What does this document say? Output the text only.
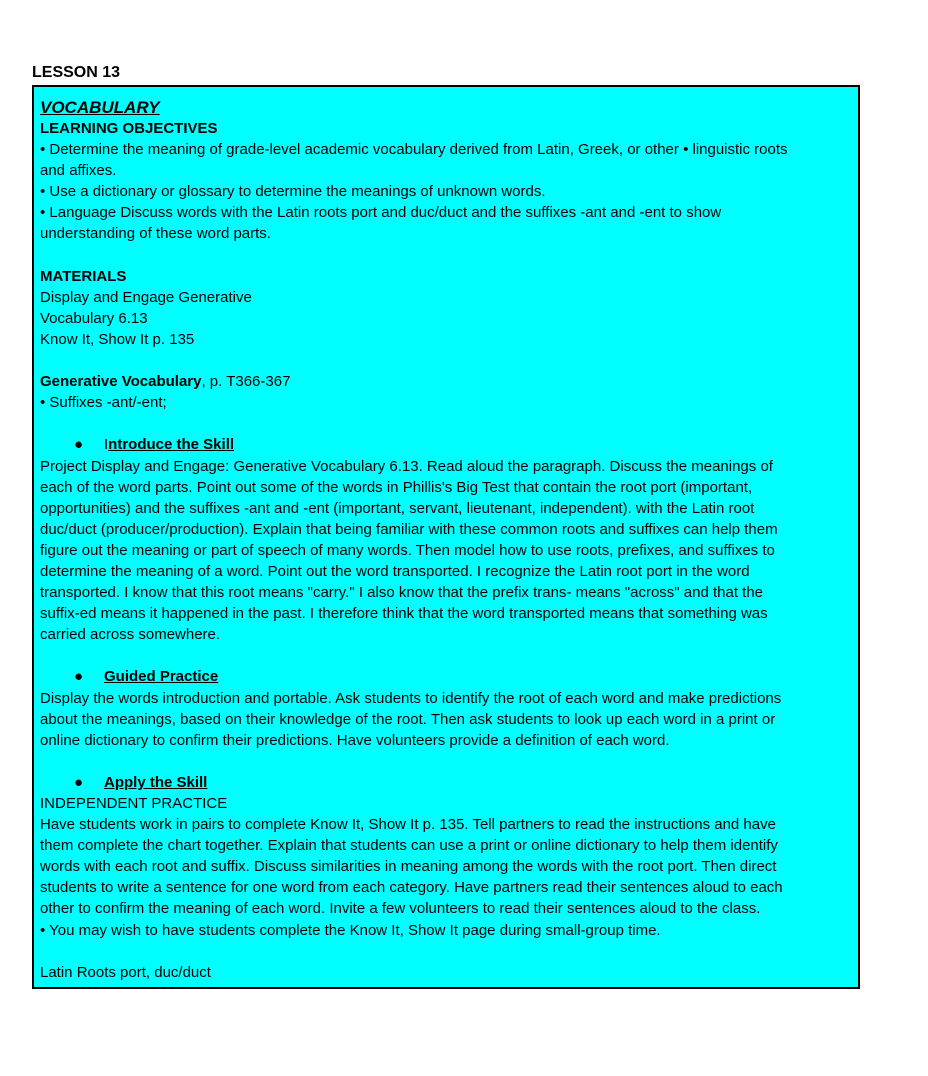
LESSON 13

VOCABULARY

LEARNING OBJECTIVES

• Determine the meaning of grade-level academic vocabulary derived from Latin, Greek, or other • linguistic roots

and affixes.

• Use a dictionary or glossary to determine the meanings of unknown words.

• Language Discuss words with the Latin roots port and duc/duct and the suffixes -ant and -ent to show

understanding of these word parts.

MATERIALS

Display and Engage Generative

Vocabulary 6.13

Know It, Show It p. 135

Generative Vocabulary, p. T366-367

• Suffixes -ant/-ent;

● Introduce the Skill

Project Display and Engage: Generative Vocabulary 6.13. Read aloud the paragraph. Discuss the meanings of

each of the word parts. Point out some of the words in Phillis's Big Test that contain the root port (important,

opportunities) and the suffixes -ant and -ent (important, servant, lieutenant, independent). with the Latin root

duc/duct (producer/production). Explain that being familiar with these common roots and suffixes can help them

figure out the meaning or part of speech of many words. Then model how to use roots, prefixes, and suffixes to

determine the meaning of a word. Point out the word transported. I recognize the Latin root port in the word

transported. I know that this root means "carry." I also know that the prefix trans- means "across" and that the

suffix-ed means it happened in the past. I therefore think that the word transported means that something was

carried across somewhere.

● Guided Practice

Display the words introduction and portable. Ask students to identify the root of each word and make predictions

about the meanings, based on their knowledge of the root. Then ask students to look up each word in a print or

online dictionary to confirm their predictions. Have volunteers provide a definition of each word.

● Apply the Skill

INDEPENDENT PRACTICE

Have students work in pairs to complete Know It, Show It p. 135. Tell partners to read the instructions and have

them complete the chart together. Explain that students can use a print or online dictionary to help them identify

words with each root and suffix. Discuss similarities in meaning among the words with the root port. Then direct

students to write a sentence for one word from each category. Have partners read their sentences aloud to each

other to confirm the meaning of each word. Invite a few volunteers to read their sentences aloud to the class.

• You may wish to have students complete the Know It, Show It page during small-group time.

Latin Roots port, duc/duct
